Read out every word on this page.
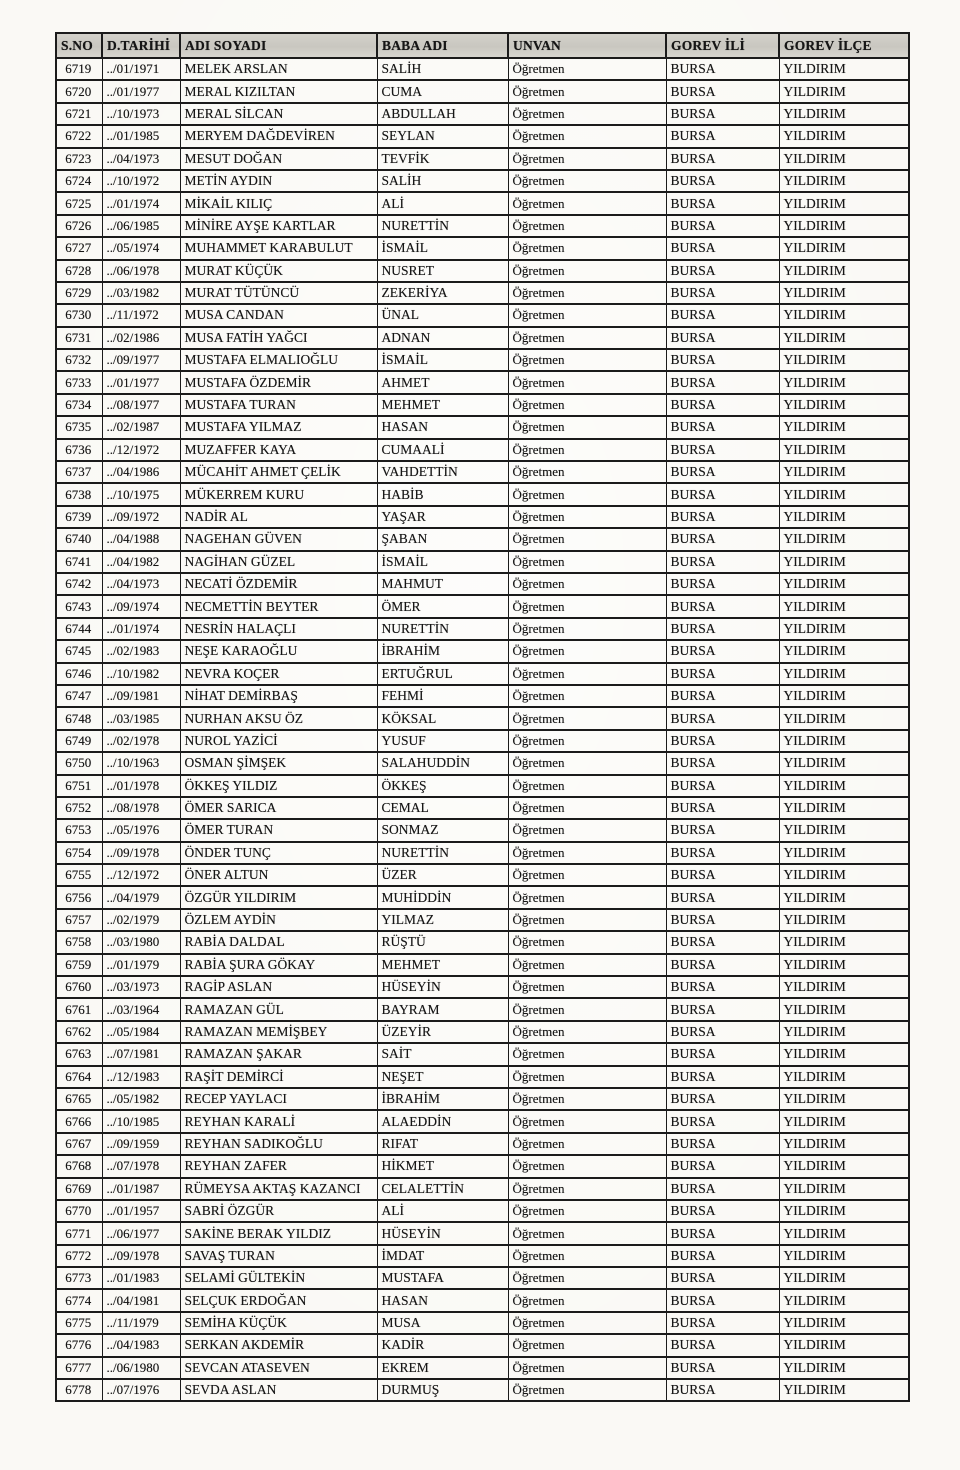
S.NO	D.TARİHİ	ADI SOYADI	BABA ADI	UNVAN	GOREV İLİ	GOREV İLÇE
6719	../01/1971	MELEK ARSLAN	SALİH	Öğretmen	BURSA	YILDIRIM
6720	../01/1977	MERAL KIZILTAN	CUMA	Öğretmen	BURSA	YILDIRIM
6721	../10/1973	MERAL SİLCAN	ABDULLAH	Öğretmen	BURSA	YILDIRIM
6722	../01/1985	MERYEM DAĞDEVİREN	SEYLAN	Öğretmen	BURSA	YILDIRIM
6723	../04/1973	MESUT DOĞAN	TEVFİK	Öğretmen	BURSA	YILDIRIM
6724	../10/1972	METİN AYDIN	SALİH	Öğretmen	BURSA	YILDIRIM
6725	../01/1974	MİKAİL KILIÇ	ALİ	Öğretmen	BURSA	YILDIRIM
6726	../06/1985	MİNİRE AYŞE KARTLAR	NURETTİN	Öğretmen	BURSA	YILDIRIM
6727	../05/1974	MUHAMMET KARABULUT	İSMAİL	Öğretmen	BURSA	YILDIRIM
6728	../06/1978	MURAT KÜÇÜK	NUSRET	Öğretmen	BURSA	YILDIRIM
6729	../03/1982	MURAT TÜTÜNCÜ	ZEKERİYA	Öğretmen	BURSA	YILDIRIM
6730	../11/1972	MUSA CANDAN	ÜNAL	Öğretmen	BURSA	YILDIRIM
6731	../02/1986	MUSA FATİH YAĞCI	ADNAN	Öğretmen	BURSA	YILDIRIM
6732	../09/1977	MUSTAFA ELMALIOĞLU	İSMAİL	Öğretmen	BURSA	YILDIRIM
6733	../01/1977	MUSTAFA ÖZDEMİR	AHMET	Öğretmen	BURSA	YILDIRIM
6734	../08/1977	MUSTAFA TURAN	MEHMET	Öğretmen	BURSA	YILDIRIM
6735	../02/1987	MUSTAFA YILMAZ	HASAN	Öğretmen	BURSA	YILDIRIM
6736	../12/1972	MUZAFFER KAYA	CUMAALİ	Öğretmen	BURSA	YILDIRIM
6737	../04/1986	MÜCAHİT AHMET ÇELİK	VAHDETTİN	Öğretmen	BURSA	YILDIRIM
6738	../10/1975	MÜKERREM KURU	HABİB	Öğretmen	BURSA	YILDIRIM
6739	../09/1972	NADİR AL	YAŞAR	Öğretmen	BURSA	YILDIRIM
6740	../04/1988	NAGEHAN GÜVEN	ŞABAN	Öğretmen	BURSA	YILDIRIM
6741	../04/1982	NAGİHAN GÜZEL	İSMAİL	Öğretmen	BURSA	YILDIRIM
6742	../04/1973	NECATİ ÖZDEMİR	MAHMUT	Öğretmen	BURSA	YILDIRIM
6743	../09/1974	NECMETTİN BEYTER	ÖMER	Öğretmen	BURSA	YILDIRIM
6744	../01/1974	NESRİN HALAÇLI	NURETTİN	Öğretmen	BURSA	YILDIRIM
6745	../02/1983	NEŞE KARAOĞLU	İBRAHİM	Öğretmen	BURSA	YILDIRIM
6746	../10/1982	NEVRA KOÇER	ERTUĞRUL	Öğretmen	BURSA	YILDIRIM
6747	../09/1981	NİHAT DEMİRBAŞ	FEHMİ	Öğretmen	BURSA	YILDIRIM
6748	../03/1985	NURHAN AKSU ÖZ	KÖKSAL	Öğretmen	BURSA	YILDIRIM
6749	../02/1978	NUROL YAZİCİ	YUSUF	Öğretmen	BURSA	YILDIRIM
6750	../10/1963	OSMAN ŞİMŞEK	SALAHUDDİN	Öğretmen	BURSA	YILDIRIM
6751	../01/1978	ÖKKEŞ YILDIZ	ÖKKEŞ	Öğretmen	BURSA	YILDIRIM
6752	../08/1978	ÖMER SARICA	CEMAL	Öğretmen	BURSA	YILDIRIM
6753	../05/1976	ÖMER TURAN	SONMAZ	Öğretmen	BURSA	YILDIRIM
6754	../09/1978	ÖNDER TUNÇ	NURETTİN	Öğretmen	BURSA	YILDIRIM
6755	../12/1972	ÖNER ALTUN	ÜZER	Öğretmen	BURSA	YILDIRIM
6756	../04/1979	ÖZGÜR YILDIRIM	MUHİDDİN	Öğretmen	BURSA	YILDIRIM
6757	../02/1979	ÖZLEM AYDİN	YILMAZ	Öğretmen	BURSA	YILDIRIM
6758	../03/1980	RABİA DALDAL	RÜŞTÜ	Öğretmen	BURSA	YILDIRIM
6759	../01/1979	RABİA ŞURA GÖKAY	MEHMET	Öğretmen	BURSA	YILDIRIM
6760	../03/1973	RAGİP ASLAN	HÜSEYİN	Öğretmen	BURSA	YILDIRIM
6761	../03/1964	RAMAZAN GÜL	BAYRAM	Öğretmen	BURSA	YILDIRIM
6762	../05/1984	RAMAZAN MEMİŞBEY	ÜZEYİR	Öğretmen	BURSA	YILDIRIM
6763	../07/1981	RAMAZAN ŞAKAR	SAİT	Öğretmen	BURSA	YILDIRIM
6764	../12/1983	RAŞİT DEMİRCİ	NEŞET	Öğretmen	BURSA	YILDIRIM
6765	../05/1982	RECEP YAYLACI	İBRAHİM	Öğretmen	BURSA	YILDIRIM
6766	../10/1985	REYHAN KARALİ	ALAEDDİN	Öğretmen	BURSA	YILDIRIM
6767	../09/1959	REYHAN SADIKOĞLU	RIFAT	Öğretmen	BURSA	YILDIRIM
6768	../07/1978	REYHAN ZAFER	HİKMET	Öğretmen	BURSA	YILDIRIM
6769	../01/1987	RÜMEYSA AKTAŞ KAZANCI	CELALETTİN	Öğretmen	BURSA	YILDIRIM
6770	../01/1957	SABRİ ÖZGÜR	ALİ	Öğretmen	BURSA	YILDIRIM
6771	../06/1977	SAKİNE BERAK YILDIZ	HÜSEYİN	Öğretmen	BURSA	YILDIRIM
6772	../09/1978	SAVAŞ TURAN	İMDAT	Öğretmen	BURSA	YILDIRIM
6773	../01/1983	SELAMİ GÜLTEKİN	MUSTAFA	Öğretmen	BURSA	YILDIRIM
6774	../04/1981	SELÇUK ERDOĞAN	HASAN	Öğretmen	BURSA	YILDIRIM
6775	../11/1979	SEMİHA KÜÇÜK	MUSA	Öğretmen	BURSA	YILDIRIM
6776	../04/1983	SERKAN AKDEMİR	KADİR	Öğretmen	BURSA	YILDIRIM
6777	../06/1980	SEVCAN ATASEVEN	EKREM	Öğretmen	BURSA	YILDIRIM
6778	../07/1976	SEVDA ASLAN	DURMUŞ	Öğretmen	BURSA	YILDIRIM
